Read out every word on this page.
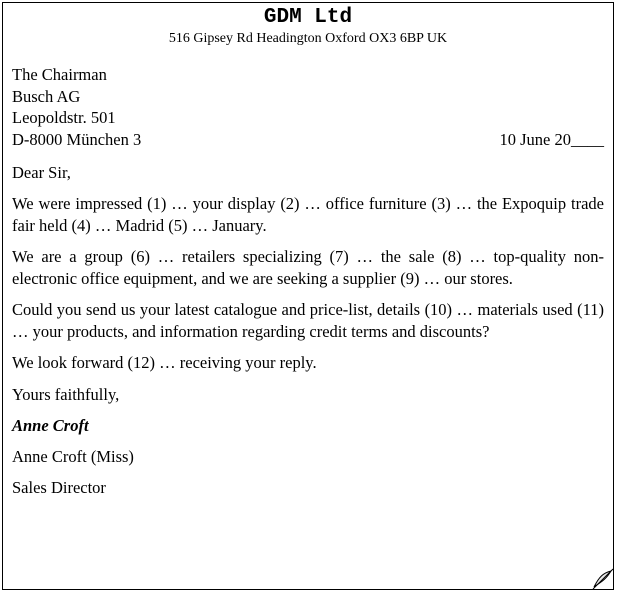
GDM Ltd

516 Gipsey Rd Headington Oxford OX3 6BP UK

The Chairman
Busch AG
Leopoldstr. 501
D-8000 München 3	10 June 20____
Dear Sir,
We were impressed (1) … your display (2) … office furniture (3) … the Expoquip trade fair held (4) … Madrid (5) … January.
We are a group (6) … retailers specializing (7) … the sale (8) … top-quality non-electronic office equipment, and we are seeking a supplier (9) … our stores.
Could you send us your latest catalogue and price-list, details (10) … materials used (11) … your products, and information regarding credit terms and discounts?
We look forward (12) … receiving your reply.
Yours faithfully,
Anne Croft
Anne Croft (Miss)
Sales Director
